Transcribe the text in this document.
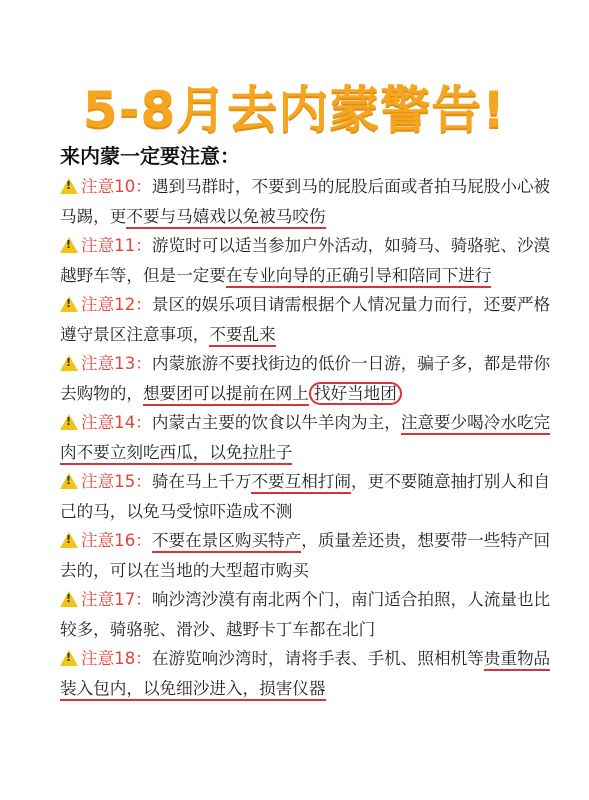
5-8月去内蒙警告!
来内蒙一定要注意：

!注意10：遇到马群时，不要到马的屁股后面或者拍马屁股小心被马踢，更不要与马嬉戏以免被马咬伤

!注意11：游览时可以适当参加户外活动，如骑马、骑骆驼、沙漠越野车等，但是一定要在专业向导的正确引导和陪同下进行

!注意12：景区的娱乐项目请需根据个人情况量力而行，还要严格遵守景区注意事项，不要乱来

!注意13：内蒙旅游不要找街边的低价一日游，骗子多，都是带你去购物的，想要团可以提前在网上 找好当地团

!注意14：内蒙古主要的饮食以牛羊肉为主，注意要少喝冷水吃完肉不要立刻吃西瓜，以免拉肚子

!注意15：骑在马上千万不要互相打闹，更不要随意抽打别人和自己的马，以免马受惊吓造成不测

!注意16：不要在景区购买特产，质量差还贵，想要带一些特产回去的，可以在当地的大型超市购买

!注意17：响沙湾沙漠有南北两个门，南门适合拍照，人流量也比较多，骑骆驼、滑沙、越野卡丁车都在北门

!注意18：在游览响沙湾时，请将手表、手机、照相机等贵重物品装入包内，以免细沙进入，损害仪器
